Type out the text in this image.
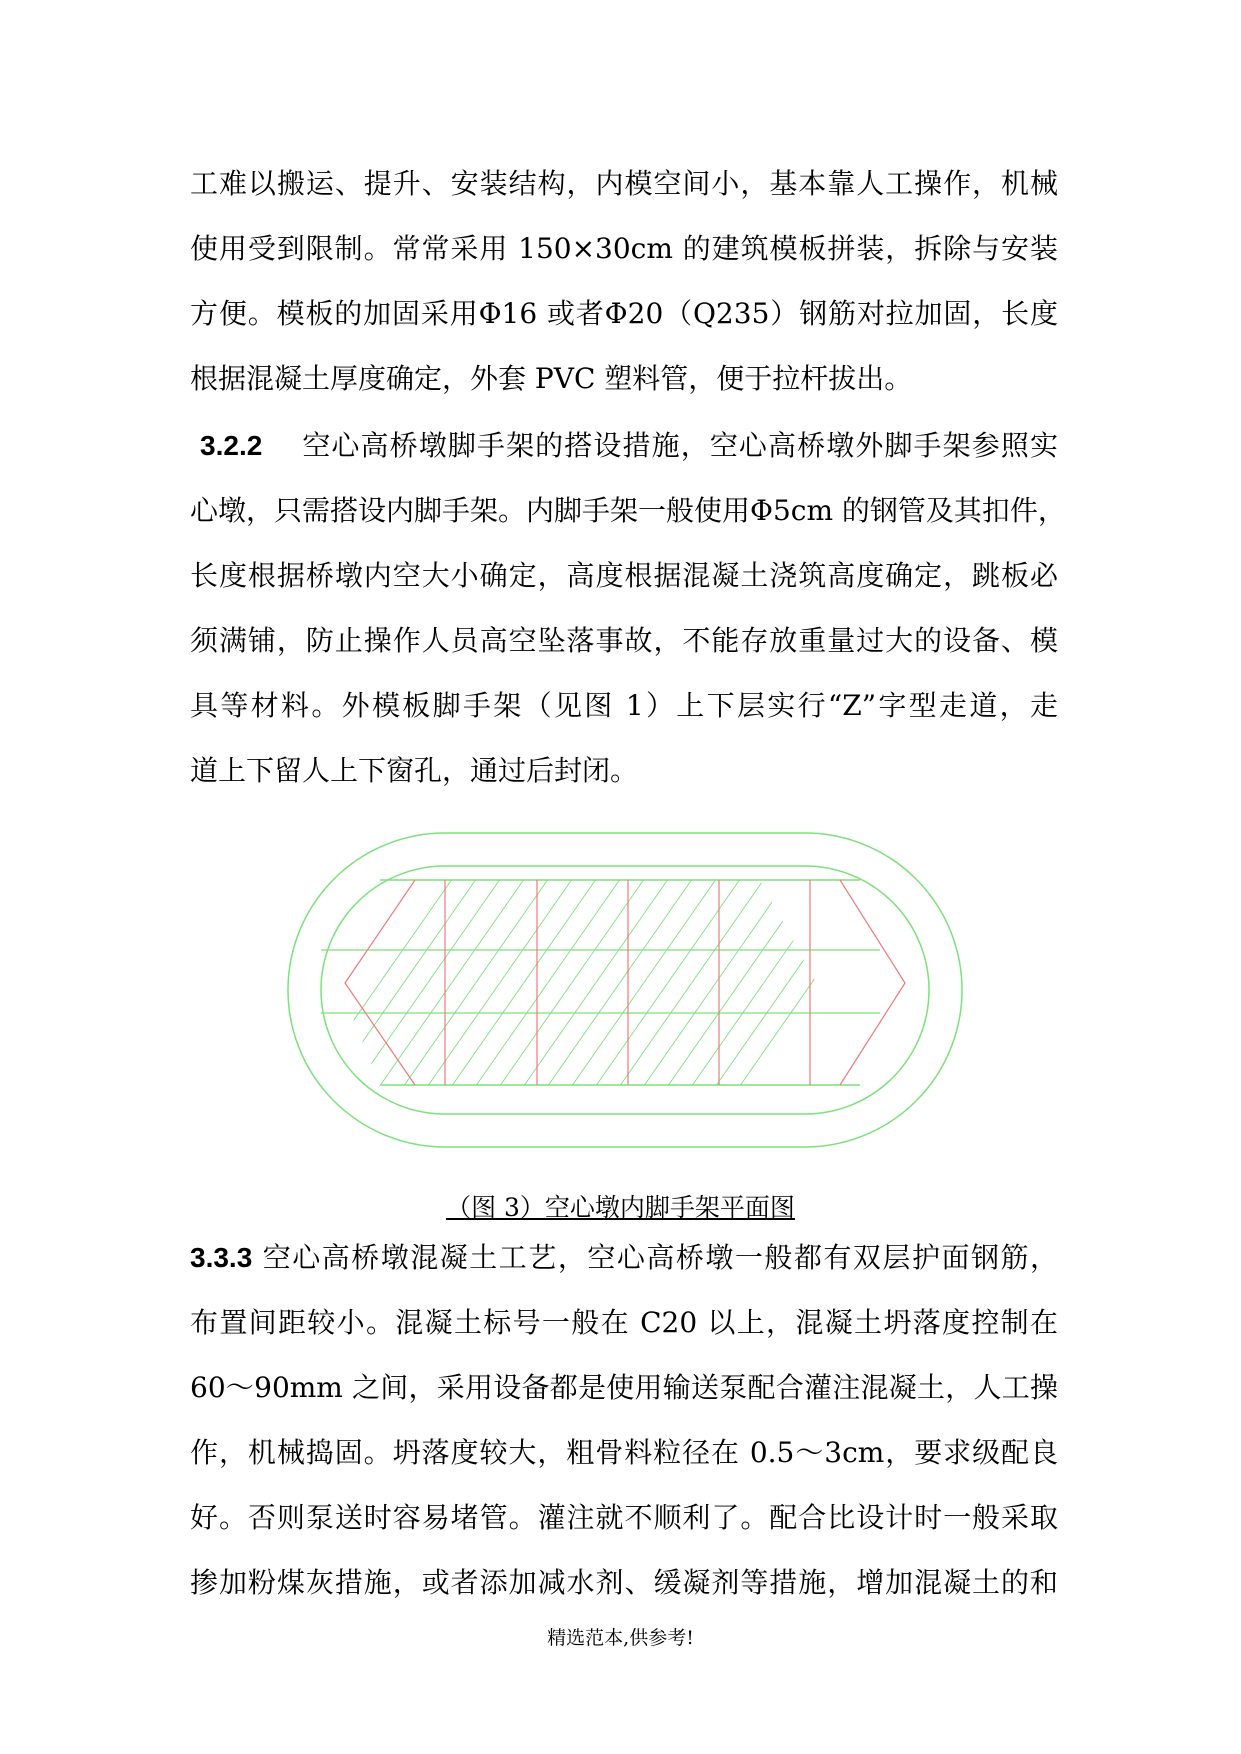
工难以搬运、提升、安装结构，内模空间小，基本靠人工操作，机械
使用受到限制。常常采用 150×30cm 的建筑模板拼装，拆除与安装
方便。模板的加固采用Φ16 或者Φ20（Q235）钢筋对拉加固，长度
根据混凝土厚度确定，外套 PVC 塑料管，便于拉杆拔出。
3.2.2 空心高桥墩脚手架的搭设措施，空心高桥墩外脚手架参照实
心墩，只需搭设内脚手架。内脚手架一般使用Φ5cm 的钢管及其扣件，
长度根据桥墩内空大小确定，高度根据混凝土浇筑高度确定，跳板必
须满铺，防止操作人员高空坠落事故，不能存放重量过大的设备、模
具等材料。外模板脚手架（见图 1）上下层实行“Z”字型走道，走
道上下留人上下窗孔，通过后封闭。
（图 3）空心墩内脚手架平面图
3.3.3 空心高桥墩混凝土工艺，空心高桥墩一般都有双层护面钢筋，
布置间距较小。混凝土标号一般在 C20 以上，混凝土坍落度控制在
60～90mm 之间，采用设备都是使用输送泵配合灌注混凝土，人工操
作，机械捣固。坍落度较大，粗骨料粒径在 0.5～3cm，要求级配良
好。否则泵送时容易堵管。灌注就不顺利了。配合比设计时一般采取
掺加粉煤灰措施，或者添加减水剂、缓凝剂等措施，增加混凝土的和
精选范本,供参考!
